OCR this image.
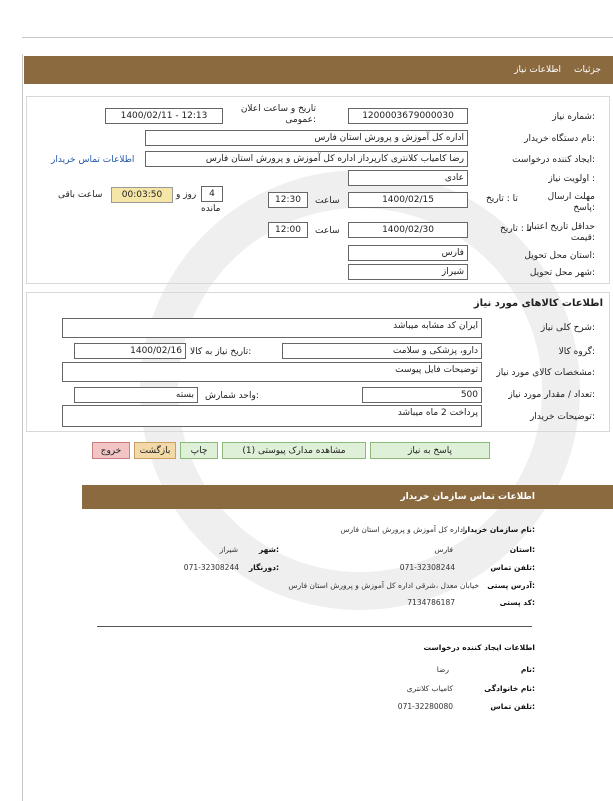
جزئیات
اطلاعات نیاز
شماره نیاز:
1200003679000030
تاریخ و ساعت اعلان عمومی:
1400/02/11 - 12:13
نام دستگاه خریدار:
اداره کل آموزش و پرورش استان فارس
ایجاد کننده درخواست:
رضا کامیاب کلانتری کارپرداز اداره کل آموزش و پرورش استان فارس
اطلاعات تماس خریدار
اولویت نیاز :
عادی
مهلت ارسال پاسخ:
تا : تاریخ
1400/02/15
ساعت
12:30
4
روز و
مانده
00:03:50
ساعت باقی
حداقل تاریخ اعتبار قیمت:
تا : تاریخ
1400/02/30
ساعت
12:00
استان محل تحویل:
فارس
شهر محل تحویل:
شیراز
اطلاعات کالاهای مورد نیاز
شرح کلی نیاز:
ایران کد مشابه میباشد
گروه کالا:
دارو، پزشکی و سلامت
تاریخ نیاز به کالا:
1400/02/16
مشخصات کالای مورد نیاز:
توضیحات فایل پیوست
تعداد / مقدار مورد نیاز:
500
واحد شمارش:
بسته
توضیحات خریدار:
پرداخت 2 ماه میباشد
پاسخ به نیاز
مشاهده مدارک پیوستی (1)
چاپ
بازگشت
خروج
اطلاعات تماس سازمان خریدار
نام سازمان خریدار:
اداره کل آموزش و پرورش استان فارس
استان:
فارس
شهر:
شیراز
تلفن تماس:
071-32308244
دورنگار:
071-32308244
آدرس پستی:
خیابان معدل ،شرقی اداره کل آموزش و پرورش استان فارس
کد پستی:
7134786187
اطلاعات ایجاد کننده درخواست
نام:
رضا
نام خانوادگی:
کامیاب کلانتری
تلفن تماس:
071-32280080
